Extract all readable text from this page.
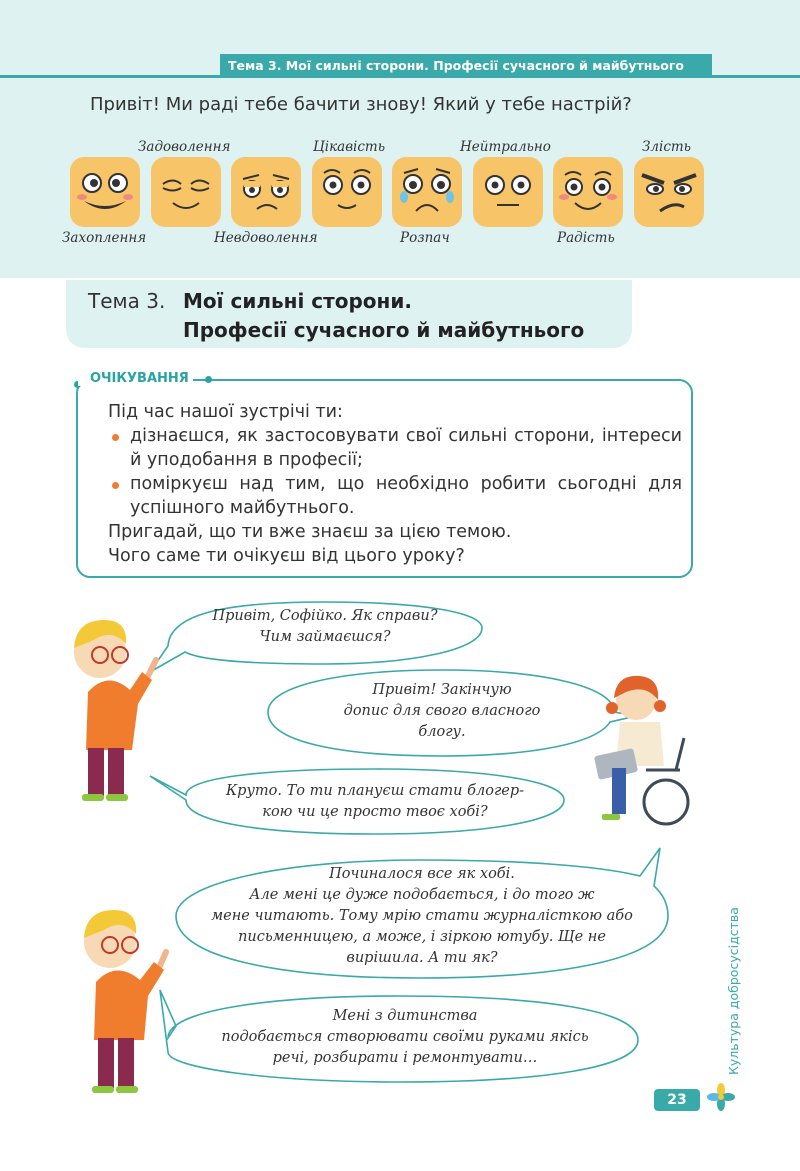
Тема 3. Мої сильні сторони. Професії сучасного й майбутнього
Привіт! Ми раді тебе бачити знову! Який у тебе настрій?
Задоволення	Цікавість	Нейтрально	Злість
Захоплення	Невдоволення	Розпач	Радість
Тема 3. Мої сильні сторони.
Професії сучасного й майбутнього
ОЧІКУВАННЯ
Під час нашої зустрічі ти:
дізнаєшся, як застосовувати свої сильні сторони, інтереси й уподобання в професії;
поміркуєш над тим, що необхідно робити сьогодні для успішного майбутнього.
Пригадай, що ти вже знаєш за цією темою.
Чого саме ти очікуєш від цього уроку?
Привіт, Софійко. Як справи?
Чим займаєшся?
Привіт! Закінчую
допис для свого власного
блогу.
Круто. То ти плануєш стати блогер-
кою чи це просто твоє хобі?
Починалося все як хобі.
Але мені це дуже подобається, і до того ж
мене читають. Тому мрію стати журналісткою або
письменницею, а може, і зіркою ютубу. Ще не
вирішила. А ти як?
Мені з дитинства
подобається створювати своїми руками якісь
речі, розбирати і ремонтувати…	Культура добросусідства
23
